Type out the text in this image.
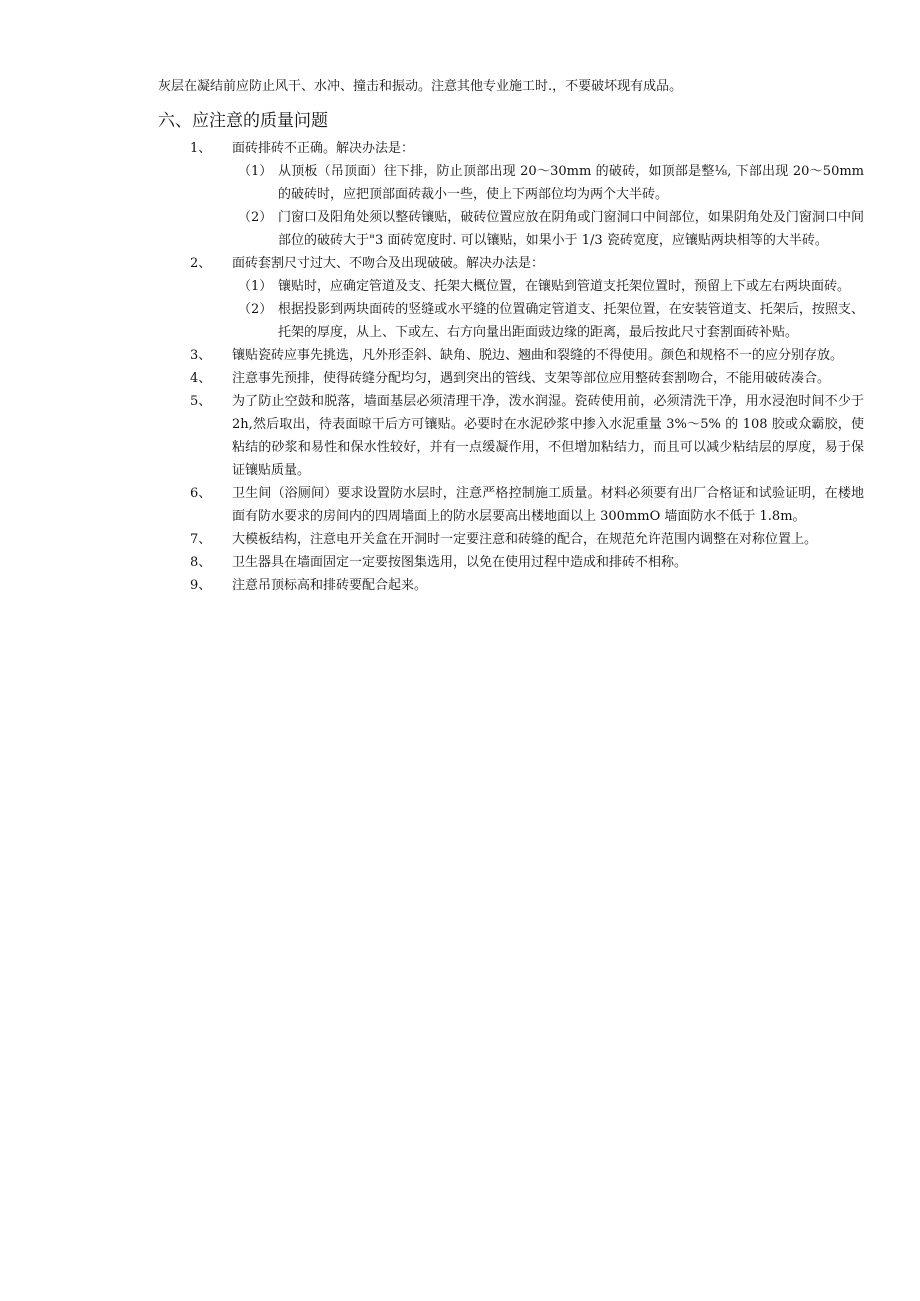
灰层在凝结前应防止风干、水冲、撞击和振动。注意其他专业施工时.，不要破坏现有成品。
六、应注意的质量问题
1、 面砖排砖不正确。解决办法是：
（1） 从顶板（吊顶面）往下排，防止顶部出现 20～30mm 的破砖，如顶部是整⅛, 下部出现 20～50mm 的破砖时，应把顶部面砖裁小一些，使上下两部位均为两个大半砖。
（2） 门窗口及阳角处须以整砖镶贴，破砖位置应放在阴角或门窗洞口中间部位，如果阴角处及门窗洞口中间部位的破砖大于"3 面砖宽度时. 可以镶贴，如果小于 1/3 瓷砖宽度，应镶贴两块相等的大半砖。
2、 面砖套割尺寸过大、不吻合及出现破破。解决办法是：
（1） 镶贴时，应确定管道及支、托架大概位置，在镶贴到管道支托架位置时，预留上下或左右两块面砖。
（2） 根据投影到两块面砖的竖缝或水平缝的位置确定管道支、托架位置，在安装管道支、托架后，按照支、托架的厚度，从上、下或左、右方向量出距面豉边缘的距离，最后按此尺寸套割面砖补贴。
3、 镶贴瓷砖应事先挑选，凡外形歪斜、缺角、脱边、翘曲和裂缝的不得使用。颜色和规格不一的应分别存放。
4、 注意事先预排，使得砖缝分配均匀，遇到突出的管线、支架等部位应用整砖套割吻合，不能用破砖凑合。
5、 为了防止空鼓和脱落，墙面基层必须清理干净，泼水润湿。瓷砖使用前，必须清洗干净，用水浸泡时间不少于 2h,然后取出，待表面晾干后方可镶贴。必要时在水泥砂浆中掺入水泥重量 3%～5% 的 108 胶或众霸胶，使粘结的砂浆和易性和保水性较好，并有一点缓凝作用，不但增加粘结力，而且可以减少粘结层的厚度，易于保证镶贴质量。
6、 卫生间（浴厕间）要求设置防水层时，注意严格控制施工质量。材料必须要有出厂合格证和试验证明，在楼地面有防水要求的房间内的四周墙面上的防水层要高出楼地面以上 300mmO 墙面防水不低于 1.8m。
7、 大模板结构，注意电开关盒在开洞时一定要注意和砖缝的配合，在规范允许范围内调整在对称位置上。
8、 卫生器具在墙面固定一定要按图集选用，以免在使用过程中造成和排砖不相称。
9、 注意吊顶标高和排砖要配合起来。
